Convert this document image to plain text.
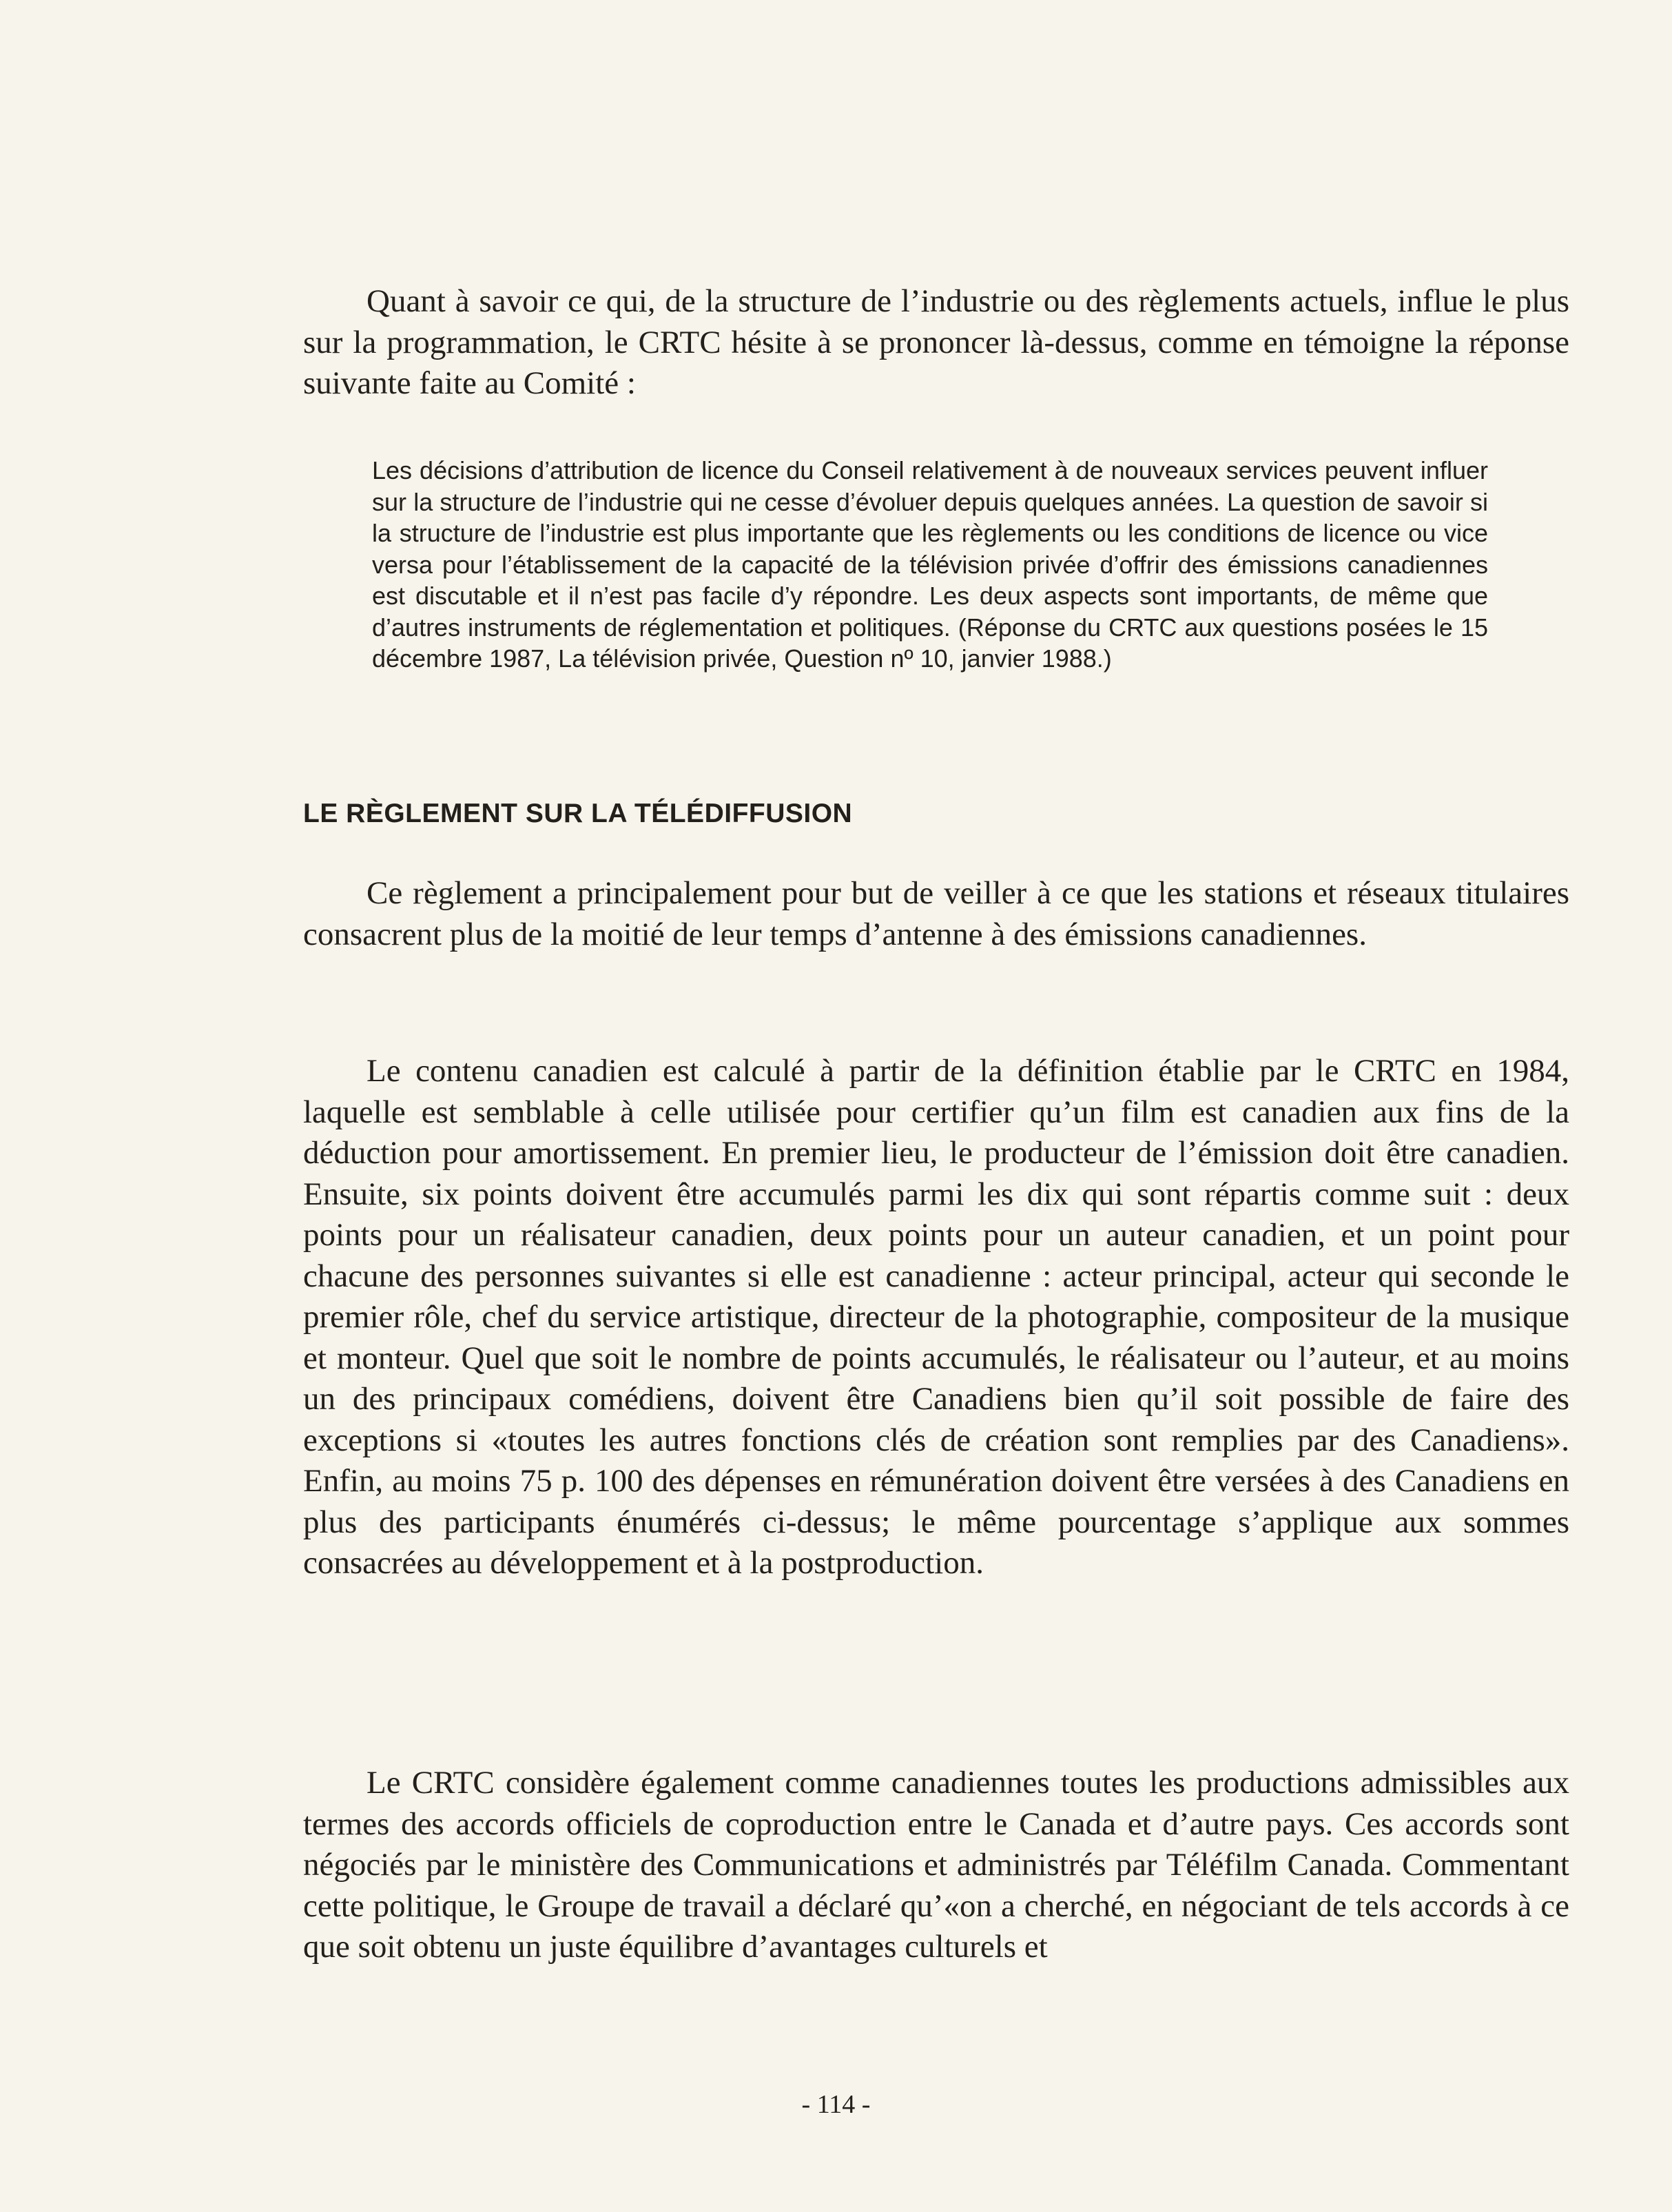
Quant à savoir ce qui, de la structure de l’industrie ou des règlements actuels, influe le plus sur la programmation, le CRTC hésite à se prononcer là-dessus, comme en témoigne la réponse suivante faite au Comité :

Les décisions d’attribution de licence du Conseil relativement à de nouveaux services peuvent influer sur la structure de l’industrie qui ne cesse d’évoluer depuis quelques années. La question de savoir si la structure de l’industrie est plus importante que les règlements ou les conditions de licence ou vice versa pour l’établissement de la capacité de la télévision privée d’offrir des émissions canadiennes est discutable et il n’est pas facile d’y répondre. Les deux aspects sont importants, de même que d’autres instruments de réglementation et politiques. (Réponse du CRTC aux questions posées le 15 décembre 1987, La télévision privée, Question nº 10, janvier 1988.)

LE RÈGLEMENT SUR LA TÉLÉDIFFUSION

Ce règlement a principalement pour but de veiller à ce que les stations et réseaux titulaires consacrent plus de la moitié de leur temps d’antenne à des émissions canadiennes.

Le contenu canadien est calculé à partir de la définition établie par le CRTC en 1984, laquelle est semblable à celle utilisée pour certifier qu’un film est canadien aux fins de la déduction pour amortissement. En premier lieu, le producteur de l’émission doit être canadien. Ensuite, six points doivent être accumulés parmi les dix qui sont répartis comme suit : deux points pour un réalisateur canadien, deux points pour un auteur canadien, et un point pour chacune des personnes suivantes si elle est canadienne : acteur principal, acteur qui seconde le premier rôle, chef du service artistique, directeur de la photographie, compositeur de la musique et monteur. Quel que soit le nombre de points accumulés, le réalisateur ou l’auteur, et au moins un des principaux comédiens, doivent être Canadiens bien qu’il soit possible de faire des exceptions si «toutes les autres fonctions clés de création sont remplies par des Canadiens». Enfin, au moins 75 p. 100 des dépenses en rémunération doivent être versées à des Canadiens en plus des participants énumérés ci-dessus; le même pourcentage s’applique aux sommes consacrées au développement et à la postproduction.

Le CRTC considère également comme canadiennes toutes les productions admissibles aux termes des accords officiels de coproduction entre le Canada et d’autre pays. Ces accords sont négociés par le ministère des Communications et administrés par Téléfilm Canada. Commentant cette politique, le Groupe de travail a déclaré qu’«on a cherché, en négociant de tels accords à ce que soit obtenu un juste équilibre d’avantages culturels et

- 114 -
